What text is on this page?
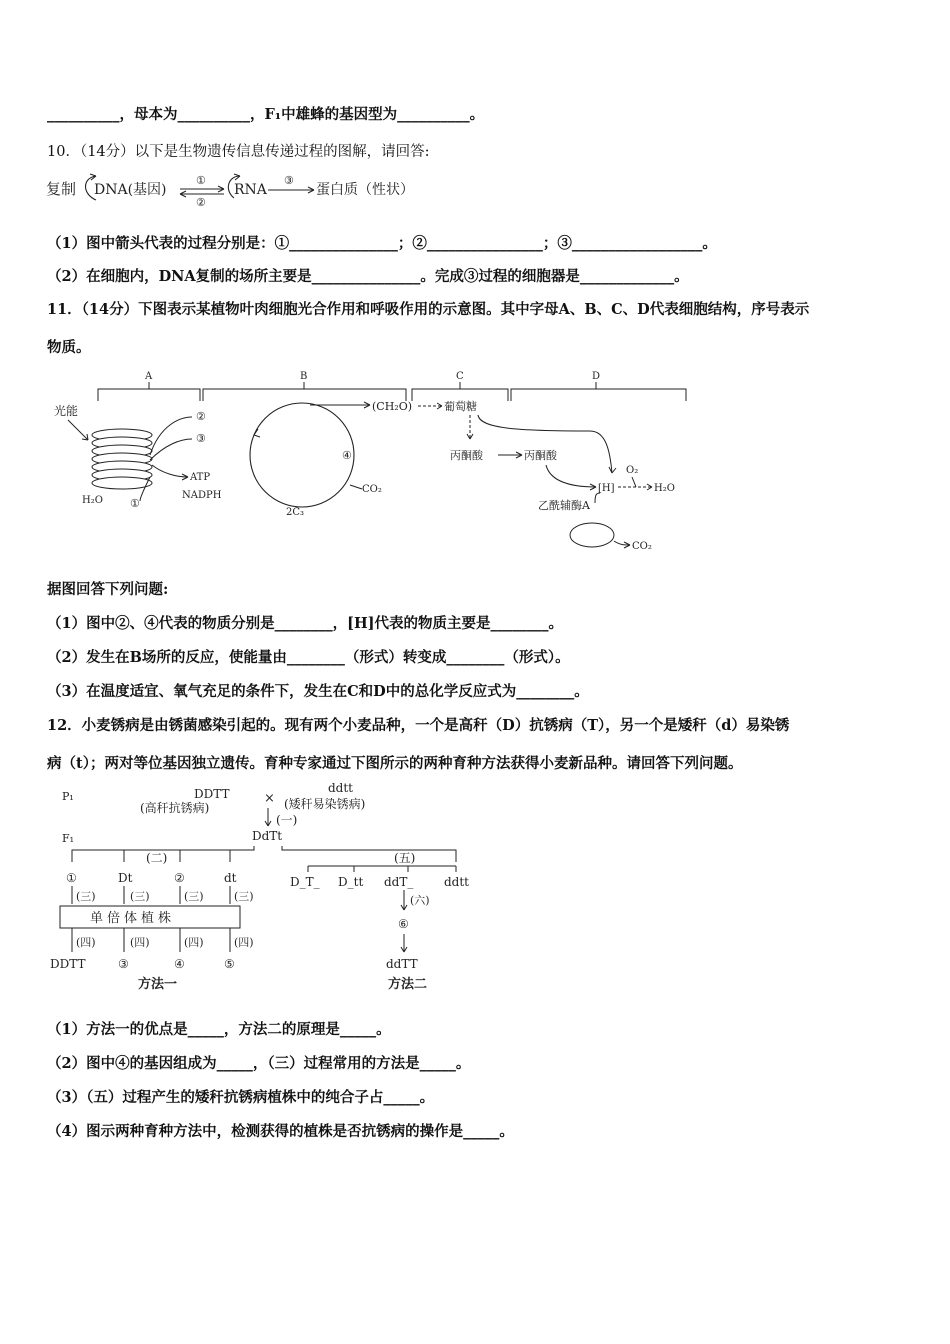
__________，母本为__________，F₁中雄蜂的基因型为__________。
10．（14分）以下是生物遗传信息传递过程的图解，请回答:
复制 DNA(基因)
①
②
RNA
③
蛋白质（性状）
（1）图中箭头代表的过程分别是：①_______________；②________________；③__________________。
（2）在细胞内，DNA复制的场所主要是_______________。完成③过程的细胞器是_____________。
11．（14分）下图表示某植物叶肉细胞光合作用和呼吸作用的示意图。其中字母A、B、C、D代表细胞结构，序号表示
物质。
A	B	C	D
光能
H₂O ①
②
③
ATP
NADPH
(CH₂O)
④
CO₂
2C₃
葡萄糖
丙酮酸	丙酮酸
[H]
O₂
H₂O
乙酰辅酶A
CO₂
据图回答下列问题:
（1）图中②、④代表的物质分别是________，[H]代表的物质主要是________。
（2）发生在B场所的反应，使能量由________（形式）转变成________（形式）。
（3）在温度适宜、氧气充足的条件下，发生在C和D中的总化学反应式为________。
12．小麦锈病是由锈菌感染引起的。现有两个小麦品种，一个是高秆（D）抗锈病（T），另一个是矮秆（d）易染锈
病（t）；两对等位基因独立遗传。育种专家通过下图所示的两种育种方法获得小麦新品种。请回答下列问题。
P₁	DDTT
(高秆抗锈病)
×
ddtt
(矮秆易染锈病)
(一)
F₁	DdTt
(二)
①	Dt	②	dt
(三)	(三)	(三)	(三)
单倍体植株
(四)	(四)	(四)	(四)
DDTT	③	④	⑤
方法一
(五)
D_T_ D_tt ddT_	ddtt
(六)
⑥
ddTT
方法二
（1）方法一的优点是_____，方法二的原理是_____。
（2）图中④的基因组成为_____，（三）过程常用的方法是_____。
（3）（五）过程产生的矮秆抗锈病植株中的纯合子占_____。
（4）图示两种育种方法中，检测获得的植株是否抗锈病的操作是_____。
